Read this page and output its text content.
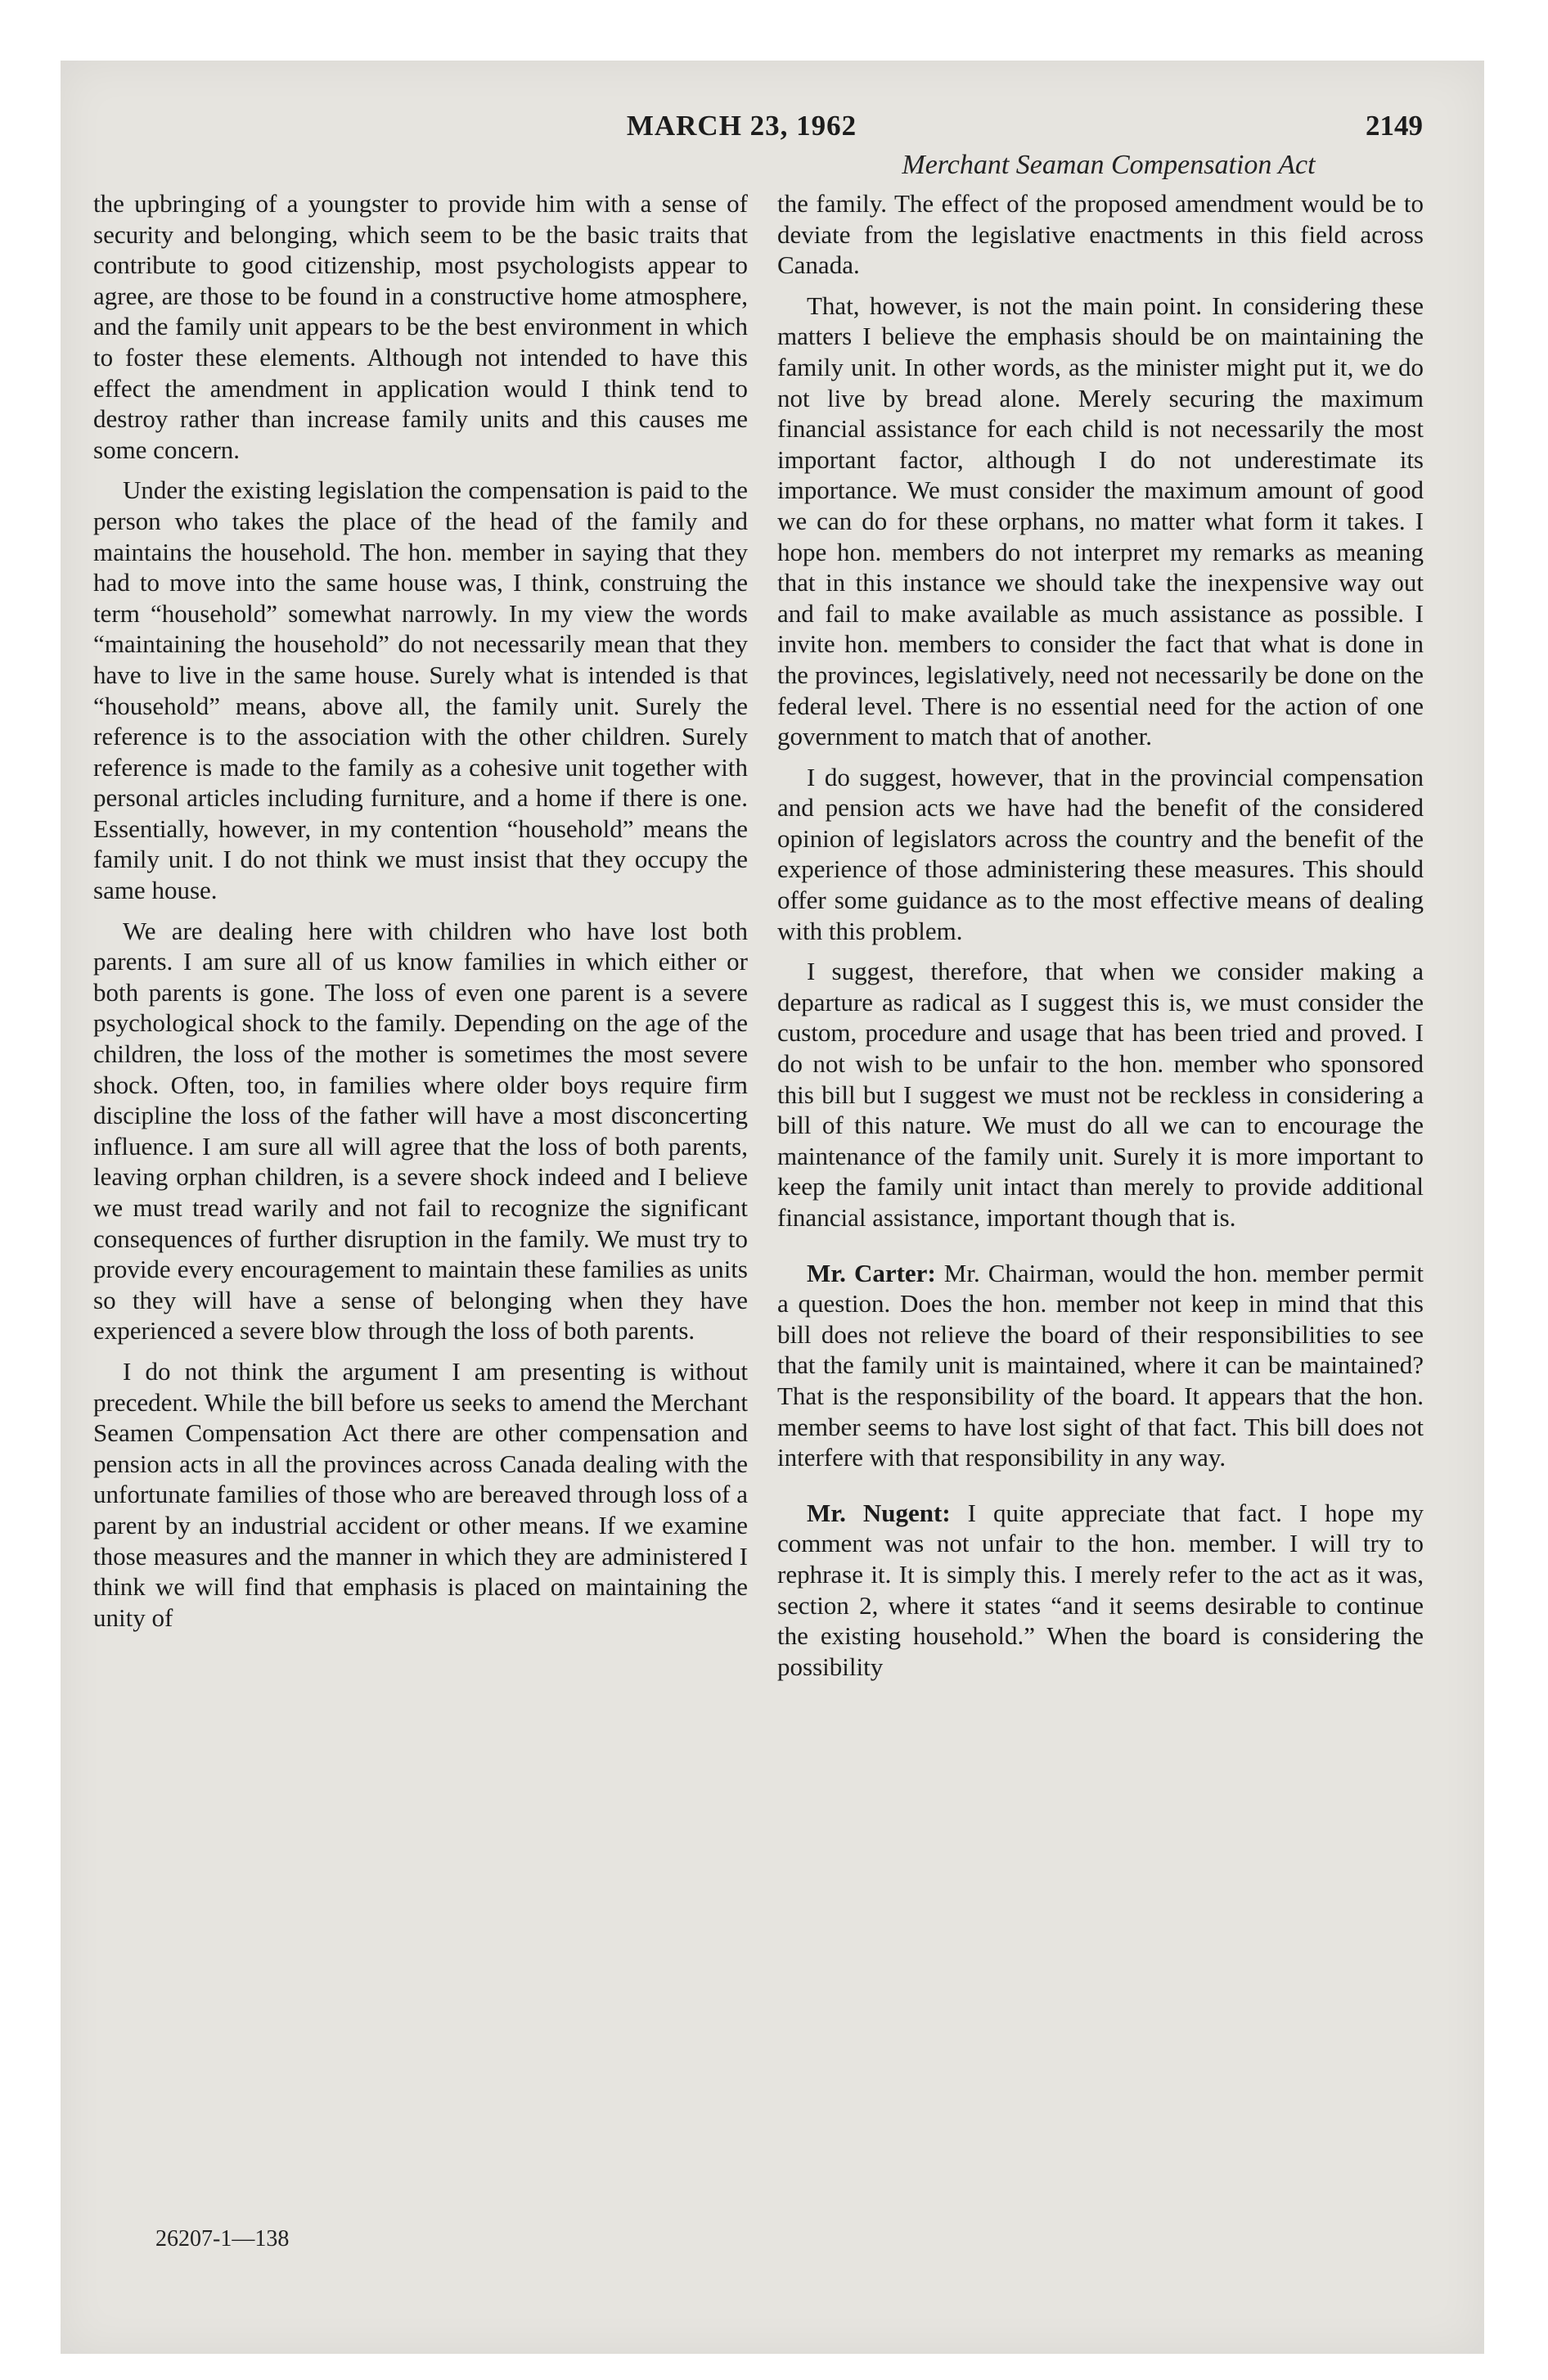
MARCH 23, 1962	2149
Merchant Seaman Compensation Act

the upbringing of a youngster to provide him with a sense of security and belonging, which seem to be the basic traits that contribute to good citizenship, most psychologists appear to agree, are those to be found in a constructive home atmosphere, and the family unit appears to be the best environment in which to foster these elements. Although not intended to have this effect the amendment in application would I think tend to destroy rather than increase family units and this causes me some concern.

Under the existing legislation the compensation is paid to the person who takes the place of the head of the family and maintains the household. The hon. member in saying that they had to move into the same house was, I think, construing the term “household” somewhat narrowly. In my view the words “maintaining the household” do not necessarily mean that they have to live in the same house. Surely what is intended is that “household” means, above all, the family unit. Surely the reference is to the association with the other children. Surely reference is made to the family as a cohesive unit together with personal articles including furniture, and a home if there is one. Essentially, however, in my contention “household” means the family unit. I do not think we must insist that they occupy the same house.

We are dealing here with children who have lost both parents. I am sure all of us know families in which either or both parents is gone. The loss of even one parent is a severe psychological shock to the family. Depending on the age of the children, the loss of the mother is sometimes the most severe shock. Often, too, in families where older boys require firm discipline the loss of the father will have a most disconcerting influence. I am sure all will agree that the loss of both parents, leaving orphan children, is a severe shock indeed and I believe we must tread warily and not fail to recognize the significant consequences of further disruption in the family. We must try to provide every encouragement to maintain these families as units so they will have a sense of belonging when they have experienced a severe blow through the loss of both parents.

I do not think the argument I am presenting is without precedent. While the bill before us seeks to amend the Merchant Seamen Compensation Act there are other compensation and pension acts in all the provinces across Canada dealing with the unfortunate families of those who are bereaved through loss of a parent by an industrial accident or other means. If we examine those measures and the manner in which they are administered I think we will find that emphasis is placed on maintaining the unity of

the family. The effect of the proposed amendment would be to deviate from the legislative enactments in this field across Canada.

That, however, is not the main point. In considering these matters I believe the emphasis should be on maintaining the family unit. In other words, as the minister might put it, we do not live by bread alone. Merely securing the maximum financial assistance for each child is not necessarily the most important factor, although I do not underestimate its importance. We must consider the maximum amount of good we can do for these orphans, no matter what form it takes. I hope hon. members do not interpret my remarks as meaning that in this instance we should take the inexpensive way out and fail to make available as much assistance as possible. I invite hon. members to consider the fact that what is done in the provinces, legislatively, need not necessarily be done on the federal level. There is no essential need for the action of one government to match that of another.

I do suggest, however, that in the provincial compensation and pension acts we have had the benefit of the considered opinion of legislators across the country and the benefit of the experience of those administering these measures. This should offer some guidance as to the most effective means of dealing with this problem.

I suggest, therefore, that when we consider making a departure as radical as I suggest this is, we must consider the custom, procedure and usage that has been tried and proved. I do not wish to be unfair to the hon. member who sponsored this bill but I suggest we must not be reckless in considering a bill of this nature. We must do all we can to encourage the maintenance of the family unit. Surely it is more important to keep the family unit intact than merely to provide additional financial assistance, important though that is.

Mr. Carter: Mr. Chairman, would the hon. member permit a question. Does the hon. member not keep in mind that this bill does not relieve the board of their responsibilities to see that the family unit is maintained, where it can be maintained? That is the responsibility of the board. It appears that the hon. member seems to have lost sight of that fact. This bill does not interfere with that responsibility in any way.

Mr. Nugent: I quite appreciate that fact. I hope my comment was not unfair to the hon. member. I will try to rephrase it. It is simply this. I merely refer to the act as it was, section 2, where it states “and it seems desirable to continue the existing household.” When the board is considering the possibility

26207-1—138
